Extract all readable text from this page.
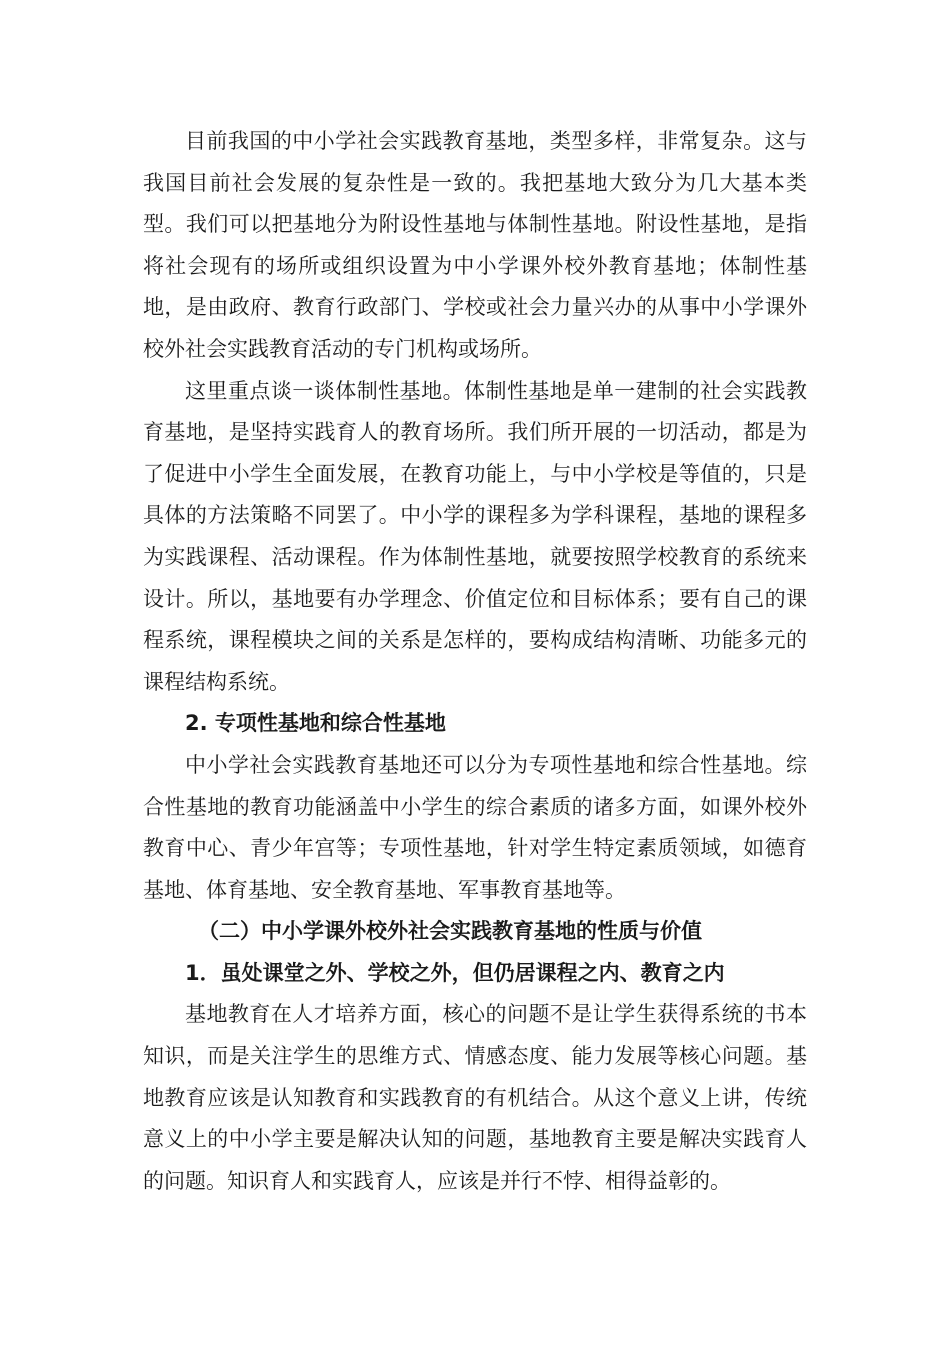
目前我国的中小学社会实践教育基地，类型多样，非常复杂。这与我国目前社会发展的复杂性是一致的。我把基地大致分为几大基本类型。我们可以把基地分为附设性基地与体制性基地。附设性基地，是指将社会现有的场所或组织设置为中小学课外校外教育基地；体制性基地，是由政府、教育行政部门、学校或社会力量兴办的从事中小学课外校外社会实践教育活动的专门机构或场所。

这里重点谈一谈体制性基地。体制性基地是单一建制的社会实践教育基地，是坚持实践育人的教育场所。我们所开展的一切活动，都是为了促进中小学生全面发展，在教育功能上，与中小学校是等值的，只是具体的方法策略不同罢了。中小学的课程多为学科课程，基地的课程多为实践课程、活动课程。作为体制性基地，就要按照学校教育的系统来设计。所以，基地要有办学理念、价值定位和目标体系；要有自己的课程系统，课程模块之间的关系是怎样的，要构成结构清晰、功能多元的课程结构系统。

2. 专项性基地和综合性基地

中小学社会实践教育基地还可以分为专项性基地和综合性基地。综合性基地的教育功能涵盖中小学生的综合素质的诸多方面，如课外校外教育中心、青少年宫等；专项性基地，针对学生特定素质领域，如德育基地、体育基地、安全教育基地、军事教育基地等。

（二）中小学课外校外社会实践教育基地的性质与价值

1．虽处课堂之外、学校之外，但仍居课程之内、教育之内

基地教育在人才培养方面，核心的问题不是让学生获得系统的书本知识，而是关注学生的思维方式、情感态度、能力发展等核心问题。基地教育应该是认知教育和实践教育的有机结合。从这个意义上讲，传统意义上的中小学主要是解决认知的问题，基地教育主要是解决实践育人的问题。知识育人和实践育人，应该是并行不悖、相得益彰的。
